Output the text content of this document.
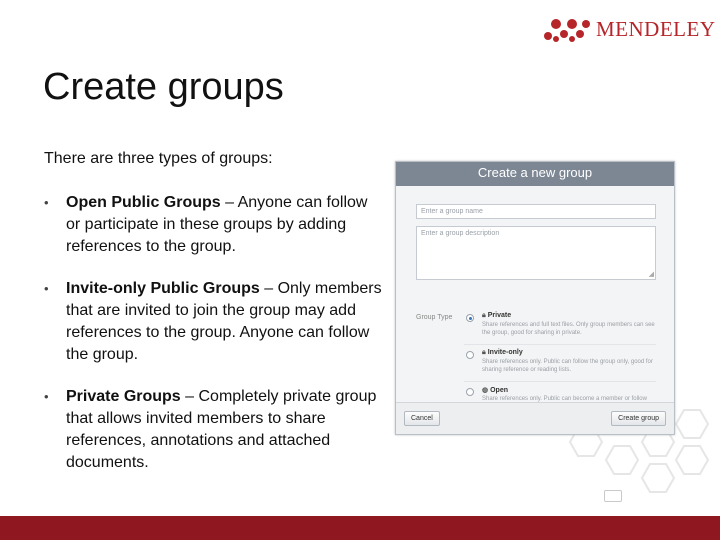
MENDELEY
Create groups
There are three types of groups:
• Open Public Groups – Anyone can follow or participate in these groups by adding references to the group.
• Invite-only Public Groups – Only members that are invited to join the group may add references to the group. Anyone can follow the group.
• Private Groups – Completely private group that allows invited members to share references, annotations and attached documents.
Create a new group
Enter a group name
Enter a group description
◢
Group Type	🔒︎ Private
Share references and full text files. Only group members can see the group, good for sharing in private.
🔒︎ Invite-only
Share references only. Public can follow the group only, good for sharing reference or reading lists.
◍ Open
Share references only. Public can become a member or follow
Cancel	Create group
